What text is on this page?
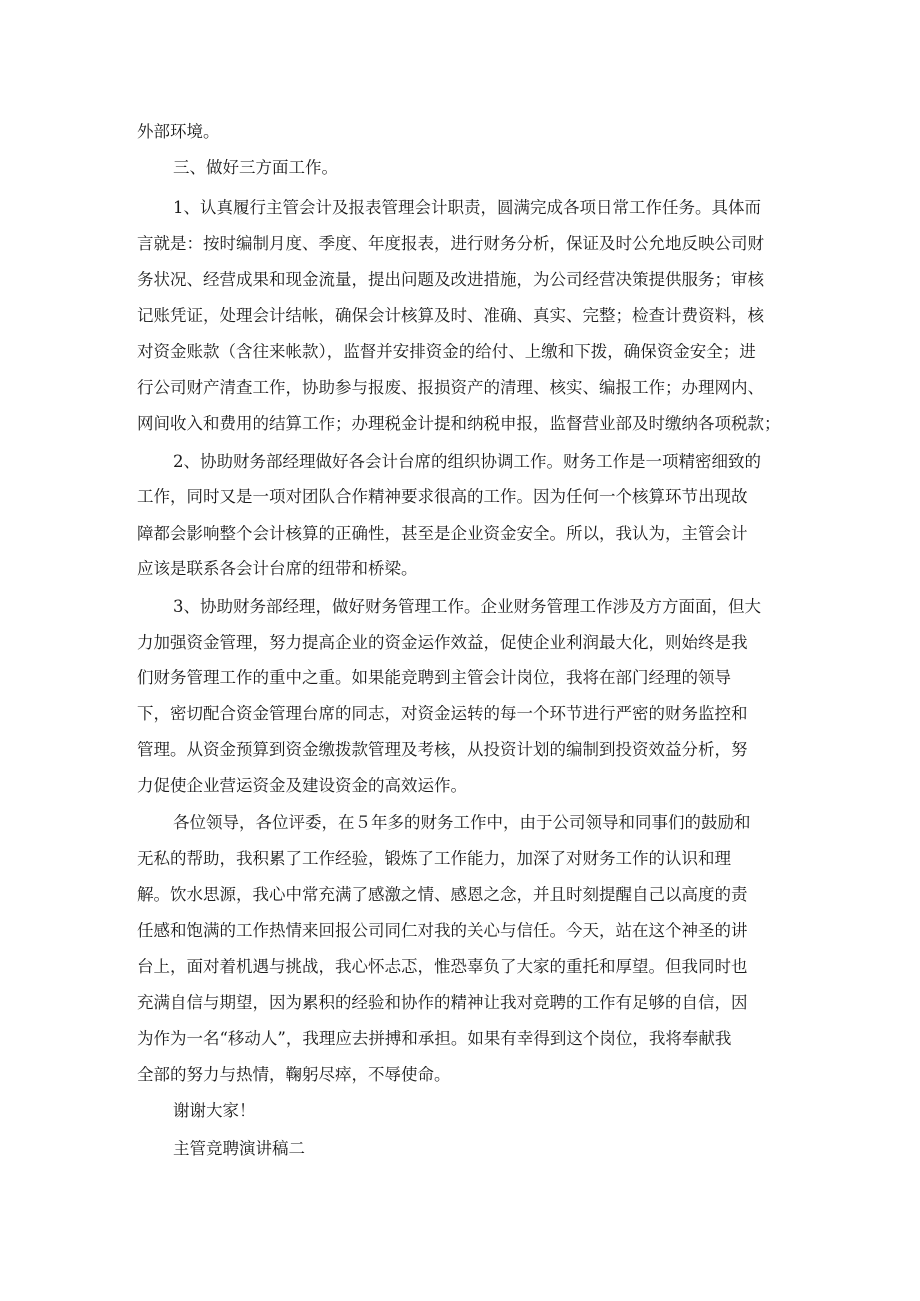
外部环境。

三、做好三方面工作。

1、认真履行主管会计及报表管理会计职责，圆满完成各项日常工作任务。具体而

言就是：按时编制月度、季度、年度报表，进行财务分析，保证及时公允地反映公司财

务状况、经营成果和现金流量，提出问题及改进措施，为公司经营决策提供服务；审核

记账凭证，处理会计结帐，确保会计核算及时、准确、真实、完整；检查计费资料，核

对资金账款（含往来帐款），监督并安排资金的给付、上缴和下拨，确保资金安全；进

行公司财产清查工作，协助参与报废、报损资产的清理、核实、编报工作；办理网内、

网间收入和费用的结算工作；办理税金计提和纳税申报，监督营业部及时缴纳各项税款；

2、协助财务部经理做好各会计台席的组织协调工作。财务工作是一项精密细致的

工作，同时又是一项对团队合作精神要求很高的工作。因为任何一个核算环节出现故

障都会影响整个会计核算的正确性，甚至是企业资金安全。所以，我认为，主管会计

应该是联系各会计台席的纽带和桥梁。

3、协助财务部经理，做好财务管理工作。企业财务管理工作涉及方方面面，但大

力加强资金管理，努力提高企业的资金运作效益，促使企业利润最大化，则始终是我

们财务管理工作的重中之重。如果能竞聘到主管会计岗位，我将在部门经理的领导

下，密切配合资金管理台席的同志，对资金运转的每一个环节进行严密的财务监控和

管理。从资金预算到资金缴拨款管理及考核，从投资计划的编制到投资效益分析，努

力促使企业营运资金及建设资金的高效运作。

各位领导，各位评委，在５年多的财务工作中，由于公司领导和同事们的鼓励和

无私的帮助，我积累了工作经验，锻炼了工作能力，加深了对财务工作的认识和理

解。饮水思源，我心中常充满了感激之情、感恩之念，并且时刻提醒自己以高度的责

任感和饱满的工作热情来回报公司同仁对我的关心与信任。今天，站在这个神圣的讲

台上，面对着机遇与挑战，我心怀忐忑，惟恐辜负了大家的重托和厚望。但我同时也

充满自信与期望，因为累积的经验和协作的精神让我对竞聘的工作有足够的自信，因

为作为一名“移动人”，我理应去拼搏和承担。如果有幸得到这个岗位，我将奉献我

全部的努力与热情，鞠躬尽瘁，不辱使命。

谢谢大家！

主管竞聘演讲稿二
